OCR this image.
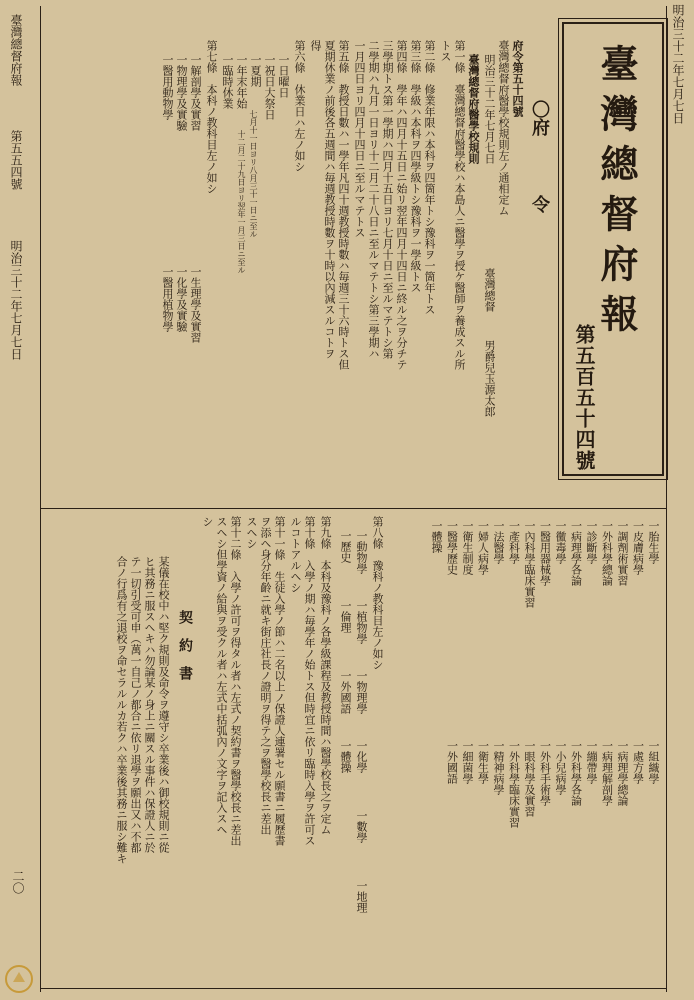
明治三十二年七月七日
臺灣總督府報
第五五四號
明治三十二年七月七日
二〇
臺灣總督府報
第五百五十四號
〇府
令
府令第五十四號
臺灣總督府醫學校規則左ノ通相定ム
明治三十二年七月七日
臺灣總督
男爵兒玉源太郎
臺灣總督府醫學校規則
第一條　臺灣總督府醫學校ハ本島人ニ醫學ヲ授ケ醫師ヲ養成スル所
トス
第二條　修業年限ハ本科ヲ四箇年トシ豫科ヲ一箇年トス
第三條　學級ハ本科ヲ四學級トシ豫科ヲ一學級トス
第四條　學年ハ四月十五日ニ始リ翌年四月十四日ニ終ル之ヲ分チテ
三學期トス第一學期ハ四月十五日ヨリ七月十日ニ至ルマテトシ第
二學期ハ九月一日ヨリ十二月二十八日ニ至ルマテトシ第三學期ハ
一月四日ヨリ四月十四日ニ至ルマテトス
第五條　教授日數ハ一學年凡四十週教授時數ハ毎週三十六時トス但
夏期休業ノ前後各五週間ハ毎週教授時數ヲ十時以內減スルコトヲ
得
第六條　休業日ハ左ノ如シ
一日曜日
一祝日大祭日
一夏期
七月十一日ヨリ八月三十一日ニ至ル
一年末年始
十二月二十九日ヨリ翌年一月三日ニ至ル
一臨時休業
第七條　本科ノ教科目左ノ如シ
一解剖學及實習
一生理學及實習
一物理學及實驗
一化學及實驗
一醫用動物學
一醫用植物學
一胎生學
一皮膚病學
一調劑術實習
一外科學總論
一診斷學
一病理學各論
一黴毒學
一醫用器械學
一內科學臨床實習
一產科學
一法醫學
一婦人病學
一衛生制度
一醫學歷史
一體操
一組織學
一處方學
一病理學總論
一病理解剖學
一繃帶學
一外科學各論
一小兒病學
一外科手術學
一眼科學及實習
一外科學臨床實習
一精神病學
一衛生學
一細菌學
一外國語
第八條　豫科ノ教科目左ノ如シ
一動物學
一植物學
一物理學
一化學
一數學
一地理
一歷史
一倫理
一外國語
一體操
第九條　本科及豫科ノ各學級課程及教授時間ハ醫學校長之ヲ定ム
第十條　入學ノ期ハ毎學年ノ始トス但時宜ニ依リ臨時入學ヲ許可ス
ルコトアルヘシ
第十一條　生徒入學ノ節ハ二名以上ノ保證人連署セル願書ニ履歷書
ヲ添ヘ身分年齡ニ就キ街庄社長ノ證明ヲ得テ之ヲ醫學校長ニ差出
スヘシ
第十二條　入學ノ許可ヲ得タル者ハ左式ノ契約書ヲ醫學校長ニ差出
スヘシ但學資ノ給與ヲ受クル者ハ左式中括弧內ノ文字ヲ記入スヘ
シ
契　約　書
某儀在校中ハ堅ク規則及命令ヲ遵守シ卒業後ハ御校規則ニ從
ヒ其務ニ服スヘキハ勿論某ノ身上ニ關スル事件ハ保證人ニ於
テ一切引受可申（萬一自己ノ都合ニ依リ退學ヲ願出又ハ不都
合ノ行爲有之退校ヲ命セラルルカ若クハ卒業後其務ニ服シ難キ
